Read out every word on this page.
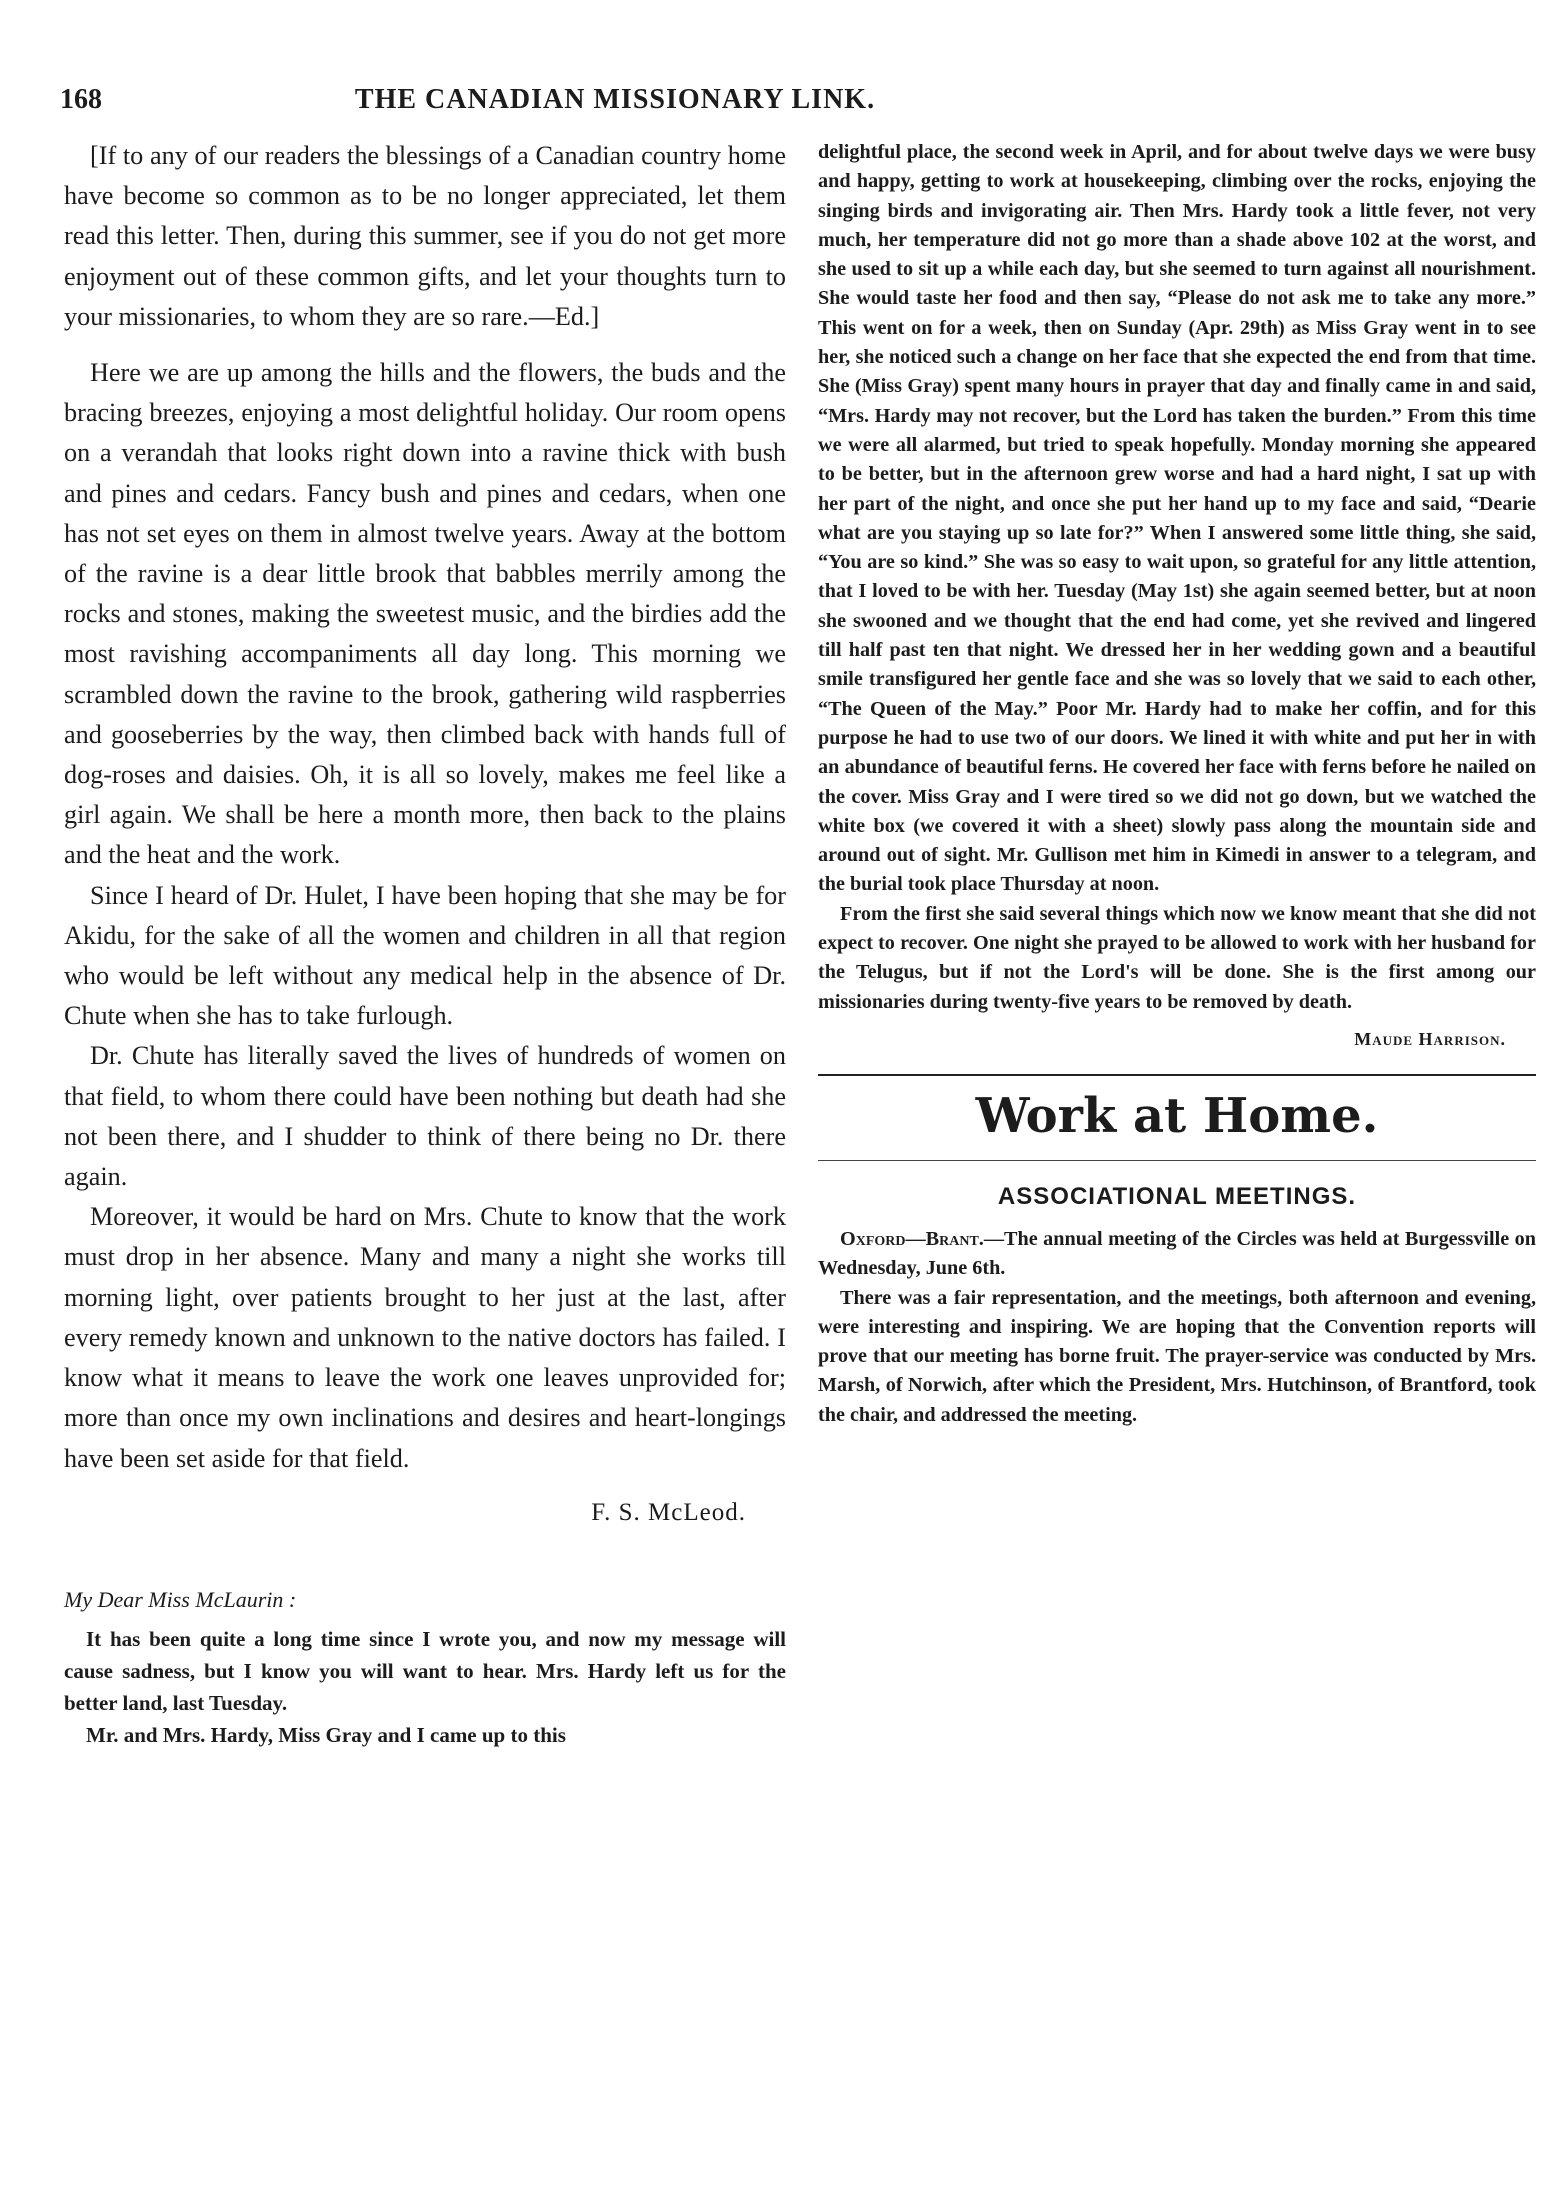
168	THE CANADIAN MISSIONARY LINK.

[If to any of our readers the blessings of a Canadian country home have become so common as to be no longer appreciated, let them read this letter. Then, during this summer, see if you do not get more enjoyment out of these common gifts, and let your thoughts turn to your missionaries, to whom they are so rare.—Ed.]

Here we are up among the hills and the flowers, the buds and the bracing breezes, enjoying a most delightful holiday. Our room opens on a verandah that looks right down into a ravine thick with bush and pines and cedars. Fancy bush and pines and cedars, when one has not set eyes on them in almost twelve years. Away at the bottom of the ravine is a dear little brook that babbles merrily among the rocks and stones, making the sweetest music, and the birdies add the most ravishing accompaniments all day long. This morning we scrambled down the ravine to the brook, gathering wild raspberries and gooseberries by the way, then climbed back with hands full of dog-roses and daisies. Oh, it is all so lovely, makes me feel like a girl again. We shall be here a month more, then back to the plains and the heat and the work.

Since I heard of Dr. Hulet, I have been hoping that she may be for Akidu, for the sake of all the women and children in all that region who would be left without any medical help in the absence of Dr. Chute when she has to take furlough.

Dr. Chute has literally saved the lives of hundreds of women on that field, to whom there could have been nothing but death had she not been there, and I shudder to think of there being no Dr. there again.

Moreover, it would be hard on Mrs. Chute to know that the work must drop in her absence. Many and many a night she works till morning light, over patients brought to her just at the last, after every remedy known and unknown to the native doctors has failed. I know what it means to leave the work one leaves unprovided for; more than once my own inclinations and desires and heart-longings have been set aside for that field.

F. S. McLeod.
My Dear Miss McLaurin :

It has been quite a long time since I wrote you, and now my message will cause sadness, but I know you will want to hear. Mrs. Hardy left us for the better land, last Tuesday.

Mr. and Mrs. Hardy, Miss Gray and I came up to this

delightful place, the second week in April, and for about twelve days we were busy and happy, getting to work at housekeeping, climbing over the rocks, enjoying the singing birds and invigorating air. Then Mrs. Hardy took a little fever, not very much, her temperature did not go more than a shade above 102 at the worst, and she used to sit up a while each day, but she seemed to turn against all nourishment. She would taste her food and then say, “Please do not ask me to take any more.” This went on for a week, then on Sunday (Apr. 29th) as Miss Gray went in to see her, she noticed such a change on her face that she expected the end from that time. She (Miss Gray) spent many hours in prayer that day and finally came in and said, “Mrs. Hardy may not recover, but the Lord has taken the burden.” From this time we were all alarmed, but tried to speak hopefully. Monday morning she appeared to be better, but in the afternoon grew worse and had a hard night, I sat up with her part of the night, and once she put her hand up to my face and said, “Dearie what are you staying up so late for?” When I answered some little thing, she said, “You are so kind.” She was so easy to wait upon, so grateful for any little attention, that I loved to be with her. Tuesday (May 1st) she again seemed better, but at noon she swooned and we thought that the end had come, yet she revived and lingered till half past ten that night. We dressed her in her wedding gown and a beautiful smile transfigured her gentle face and she was so lovely that we said to each other, “The Queen of the May.” Poor Mr. Hardy had to make her coffin, and for this purpose he had to use two of our doors. We lined it with white and put her in with an abundance of beautiful ferns. He covered her face with ferns before he nailed on the cover. Miss Gray and I were tired so we did not go down, but we watched the white box (we covered it with a sheet) slowly pass along the mountain side and around out of sight. Mr. Gullison met him in Kimedi in answer to a telegram, and the burial took place Thursday at noon.

From the first she said several things which now we know meant that she did not expect to recover. One night she prayed to be allowed to work with her husband for the Telugus, but if not the Lord's will be done. She is the first among our missionaries during twenty-five years to be removed by death.

Maude Harrison.
Work at Home.
ASSOCIATIONAL MEETINGS.

Oxford—Brant.—The annual meeting of the Circles was held at Burgessville on Wednesday, June 6th.

There was a fair representation, and the meetings, both afternoon and evening, were interesting and inspiring. We are hoping that the Convention reports will prove that our meeting has borne fruit. The prayer-service was conducted by Mrs. Marsh, of Norwich, after which the President, Mrs. Hutchinson, of Brantford, took the chair, and addressed the meeting.
